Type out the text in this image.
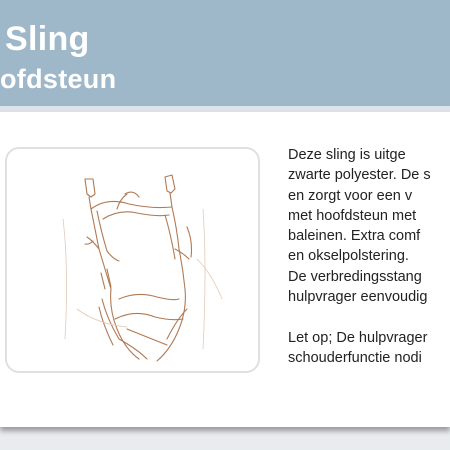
Sling
ofdsteun
Deze sling is uitge
zwarte polyester. De s
en zorgt voor een v
met hoofdsteun met
baleinen. Extra comf
en okselpolstering.
De verbredingsstang
hulpvrager eenvoudig
Let op; De hulpvrager
schouderfunctie nodi
